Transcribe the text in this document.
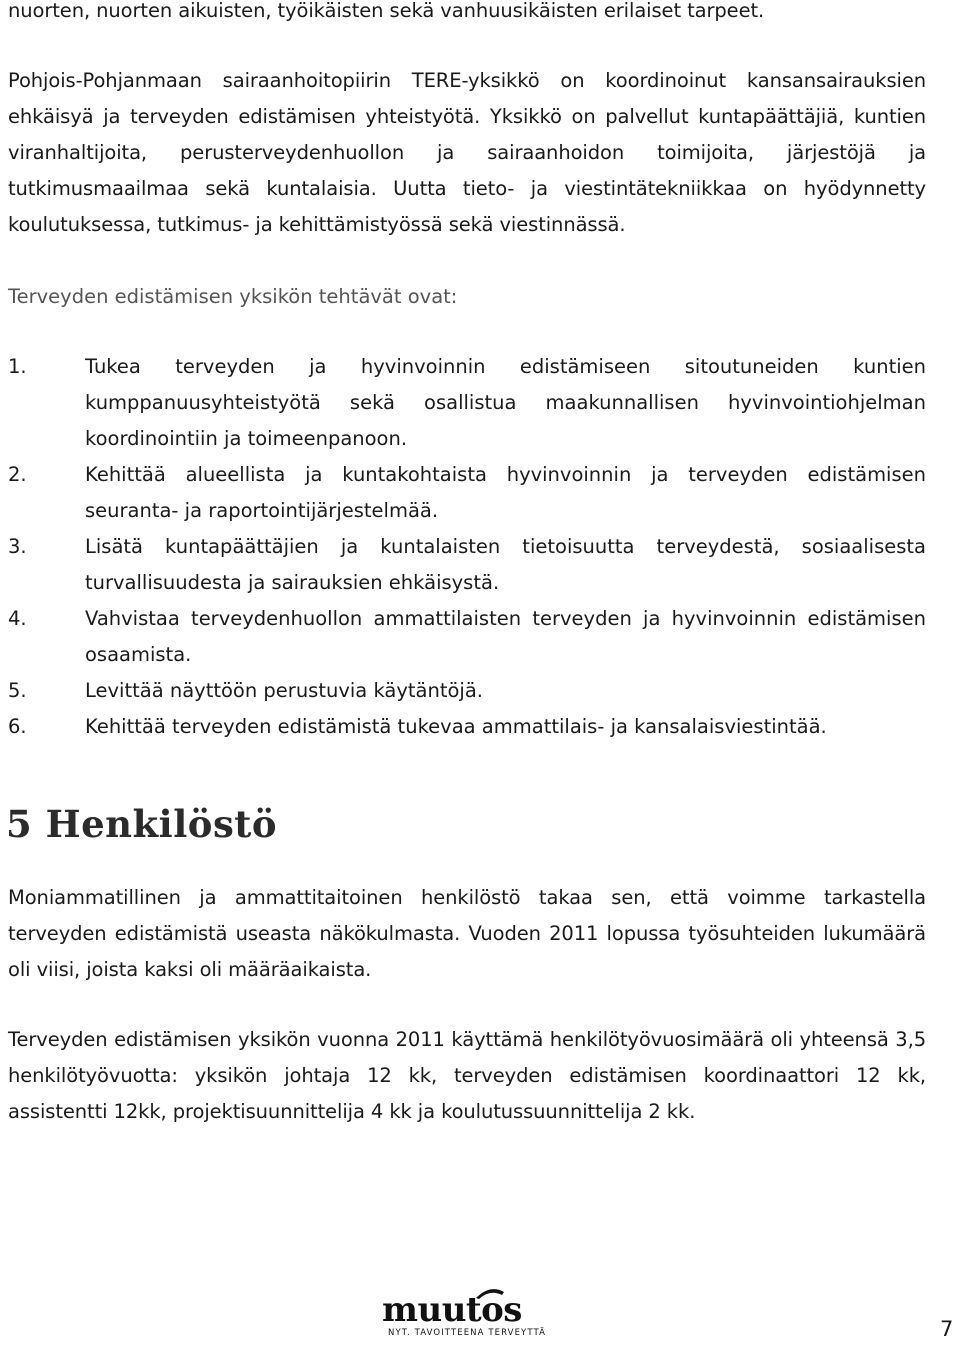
nuorten, nuorten aikuisten, työikäisten sekä vanhuusikäisten erilaiset tarpeet.

Pohjois-Pohjanmaan sairaanhoitopiirin TERE-yksikkö on koordinoinut kansansairauksien ehkäisyä ja terveyden edistämisen yhteistyötä. Yksikkö on palvellut kuntapäättäjiä, kuntien viranhaltijoita, perusterveydenhuollon ja sairaanhoidon toimijoita, järjestöjä ja tutkimusmaailmaa sekä kuntalaisia. Uutta tieto- ja viestintätekniikkaa on hyödynnetty koulutuksessa, tutkimus- ja kehittämistyössä sekä viestinnässä.

Terveyden edistämisen yksikön tehtävät ovat:

1.	Tukea terveyden ja hyvinvoinnin edistämiseen sitoutuneiden kuntien kumppanuusyhteistyötä sekä osallistua maakunnallisen hyvinvointiohjelman koordinointiin ja toimeenpanoon.
2.	Kehittää alueellista ja kuntakohtaista hyvinvoinnin ja terveyden edistämisen seuranta- ja raportointijärjestelmää.
3.	Lisätä kuntapäättäjien ja kuntalaisten tietoisuutta terveydestä, sosiaalisesta turvallisuudesta ja sairauksien ehkäisystä.
4.	Vahvistaa terveydenhuollon ammattilaisten terveyden ja hyvinvoinnin edistämisen osaamista.
5.	Levittää näyttöön perustuvia käytäntöjä.
6.	Kehittää terveyden edistämistä tukevaa ammattilais- ja kansalaisviestintää.
5 Henkilöstö

Moniammatillinen ja ammattitaitoinen henkilöstö takaa sen, että voimme tarkastella terveyden edistämistä useasta näkökulmasta. Vuoden 2011 lopussa työsuhteiden lukumäärä oli viisi, joista kaksi oli määräaikaista.

Terveyden edistämisen yksikön vuonna 2011 käyttämä henkilötyövuosimäärä oli yhteensä 3,5 henkilötyövuotta: yksikön johtaja 12 kk, terveyden edistämisen koordinaattori 12 kk, assistentti 12kk, projektisuunnittelija 4 kk ja koulutussuunnittelija 2 kk.

muutos
NYT. TAVOITTEENA TERVEYTTÄ	7
